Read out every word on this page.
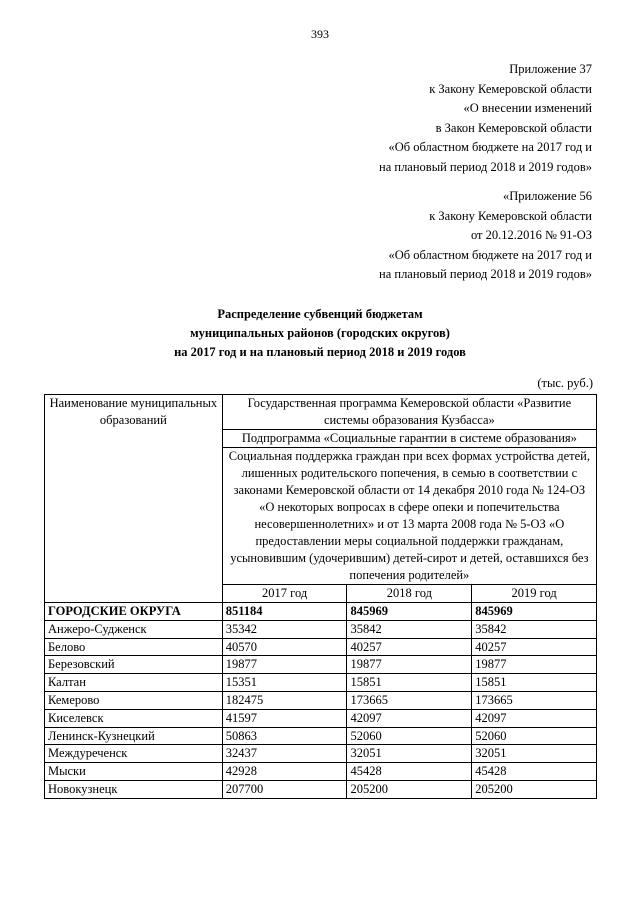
393
Приложение 37
к Закону Кемеровской области
«О внесении изменений
в Закон Кемеровской области
«Об областном бюджете на 2017 год и
на плановый период 2018 и 2019 годов»
«Приложение 56
к Закону Кемеровской области
от 20.12.2016 № 91-ОЗ
«Об областном бюджете на 2017 год и
на плановый период 2018 и 2019 годов»
Распределение субвенций бюджетам
муниципальных районов (городских округов)
на 2017 год и на плановый период 2018 и 2019 годов
(тыс. руб.)
Наименование муниципальных образований	Государственная программа Кемеровской области «Развитие системы образования Кузбасса»		
	Подпрограмма «Социальные гарантии в системе образования»		
	Социальная поддержка граждан при всех формах устройства детей, лишенных родительского попечения, в семью в соответствии с законами Кемеровской области от 14 декабря 2010 года № 124-ОЗ «О некоторых вопросах в сфере опеки и попечительства несовершеннолетних» и от 13 марта 2008 года № 5-ОЗ «О предоставлении меры социальной поддержки гражданам, усыновившим (удочерившим) детей-сирот и детей, оставшихся без попечения родителей»		
	2017 год	2018 год	2019 год
ГОРОДСКИЕ ОКРУГА	851184	845969	845969
Анжеро-Судженск	35342	35842	35842
Белово	40570	40257	40257
Березовский	19877	19877	19877
Калтан	15351	15851	15851
Кемерово	182475	173665	173665
Киселевск	41597	42097	42097
Ленинск-Кузнецкий	50863	52060	52060
Междуреченск	32437	32051	32051
Мыски	42928	45428	45428
Новокузнецк	207700	205200	205200
